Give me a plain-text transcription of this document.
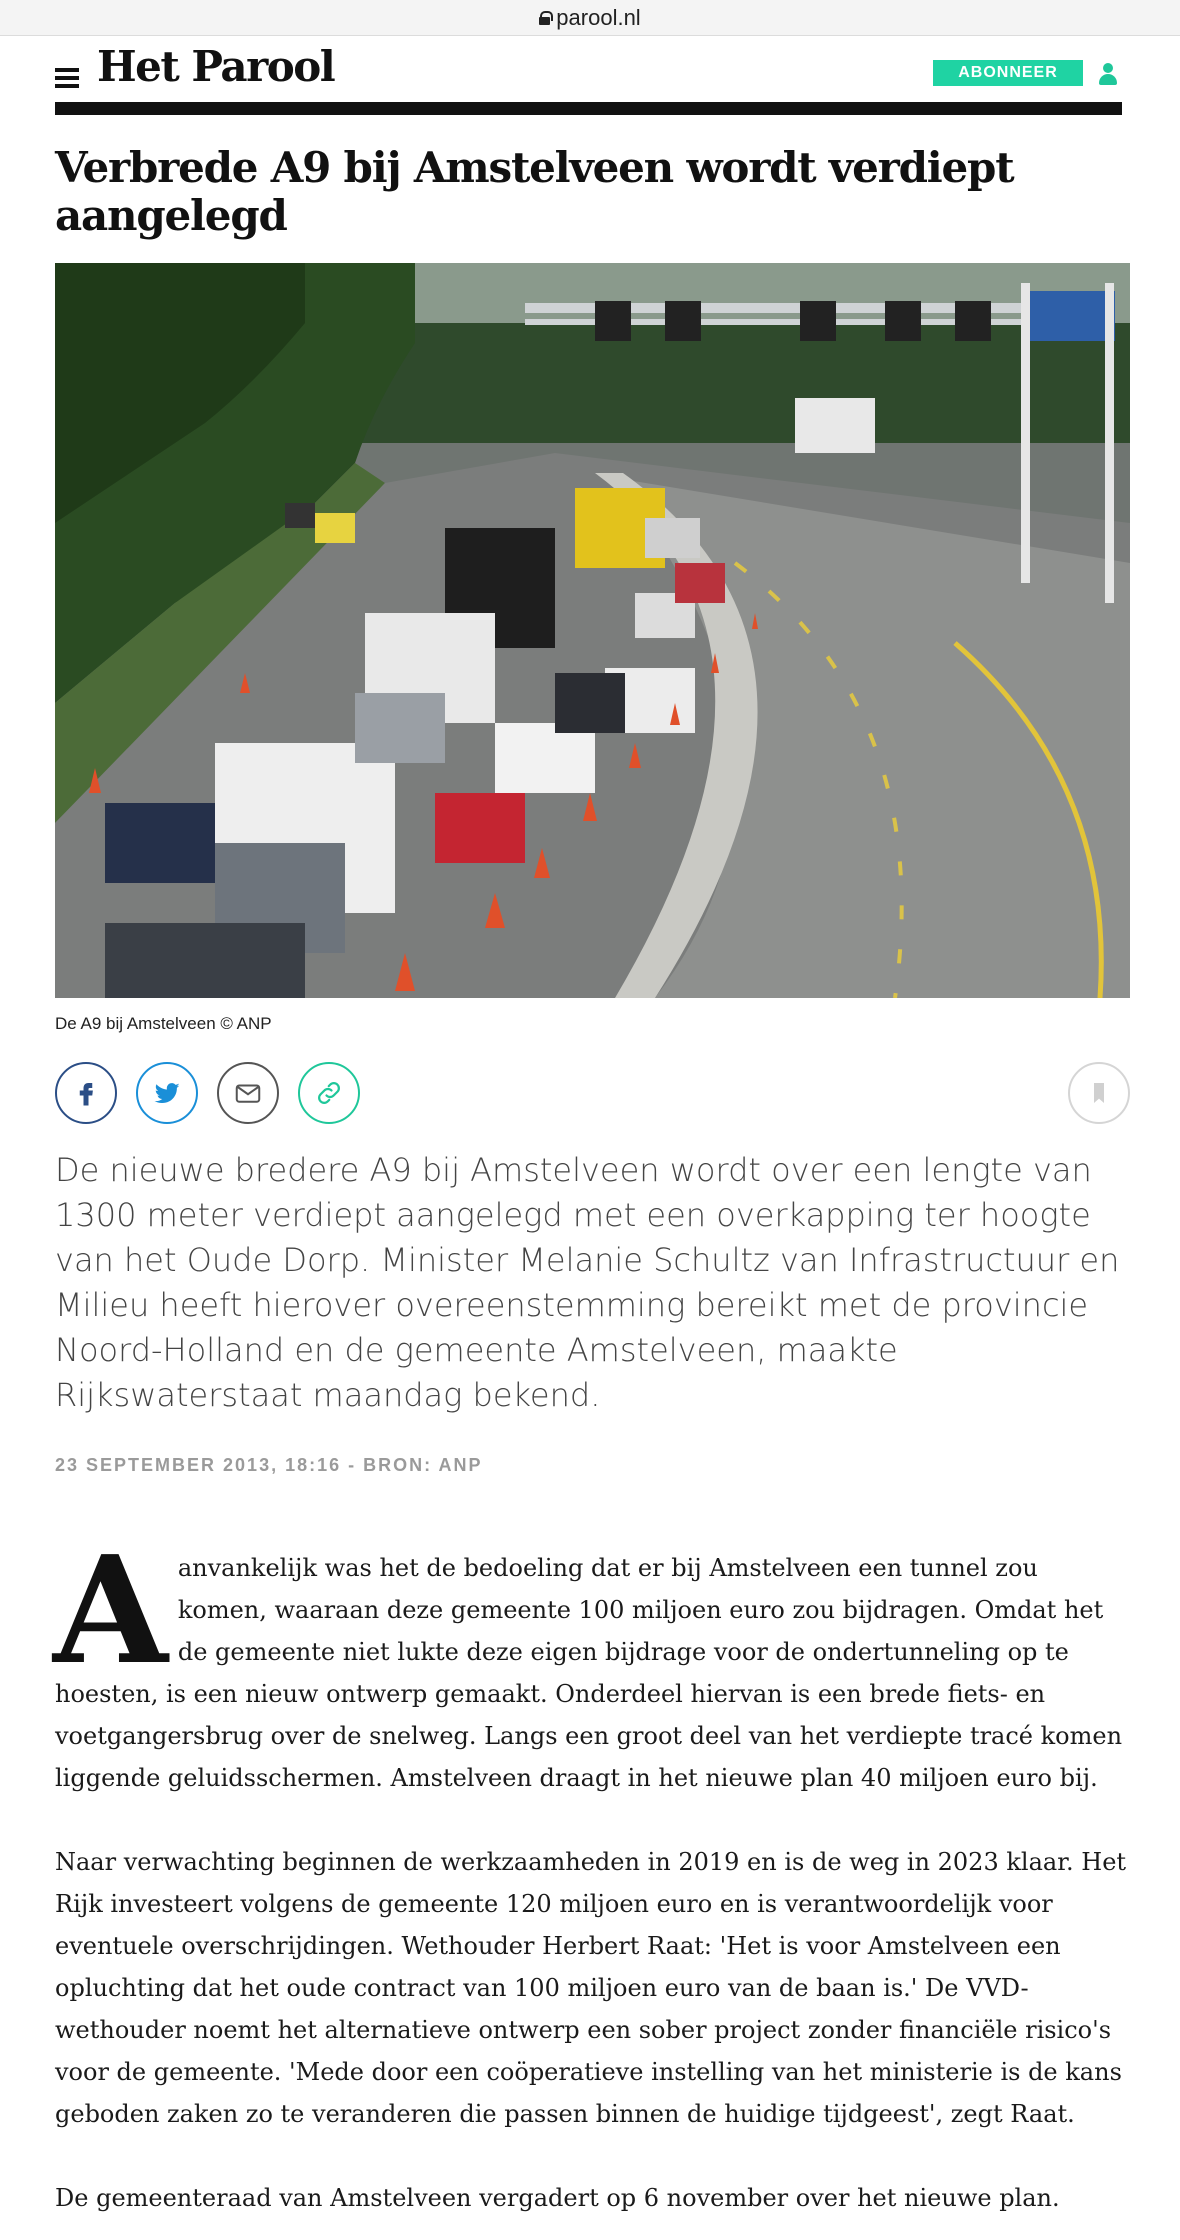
parool.nl
Het Parool	ABONNEER
Verbrede A9 bij Amstelveen wordt verdiept aangelegd
De A9 bij Amstelveen © ANP

De nieuwe bredere A9 bij Amstelveen wordt over een lengte van 1300 meter verdiept aangelegd met een overkapping ter hoogte van het Oude Dorp. Minister Melanie Schultz van Infrastructuur en Milieu heeft hierover overeenstemming bereikt met de provincie Noord-Holland en de gemeente Amstelveen, maakte Rijkswaterstaat maandag bekend.

23 SEPTEMBER 2013, 18:16 - BRON: ANP

Aanvankelijk was het de bedoeling dat er bij Amstelveen een tunnel zou komen, waaraan deze gemeente 100 miljoen euro zou bijdragen. Omdat het de gemeente niet lukte deze eigen bijdrage voor de ondertunneling op te hoesten, is een nieuw ontwerp gemaakt. Onderdeel hiervan is een brede fiets- en voetgangersbrug over de snelweg. Langs een groot deel van het verdiepte tracé komen liggende geluidsschermen. Amstelveen draagt in het nieuwe plan 40 miljoen euro bij.

Naar verwachting beginnen de werkzaamheden in 2019 en is de weg in 2023 klaar. Het Rijk investeert volgens de gemeente 120 miljoen euro en is verantwoordelijk voor eventuele overschrijdingen. Wethouder Herbert Raat: 'Het is voor Amstelveen een opluchting dat het oude contract van 100 miljoen euro van de baan is.' De VVD-wethouder noemt het alternatieve ontwerp een sober project zonder financiële risico's voor de gemeente. 'Mede door een coöperatieve instelling van het ministerie is de kans geboden zaken zo te veranderen die passen binnen de huidige tijdgeest', zegt Raat.

De gemeenteraad van Amstelveen vergadert op 6 november over het nieuwe plan.
